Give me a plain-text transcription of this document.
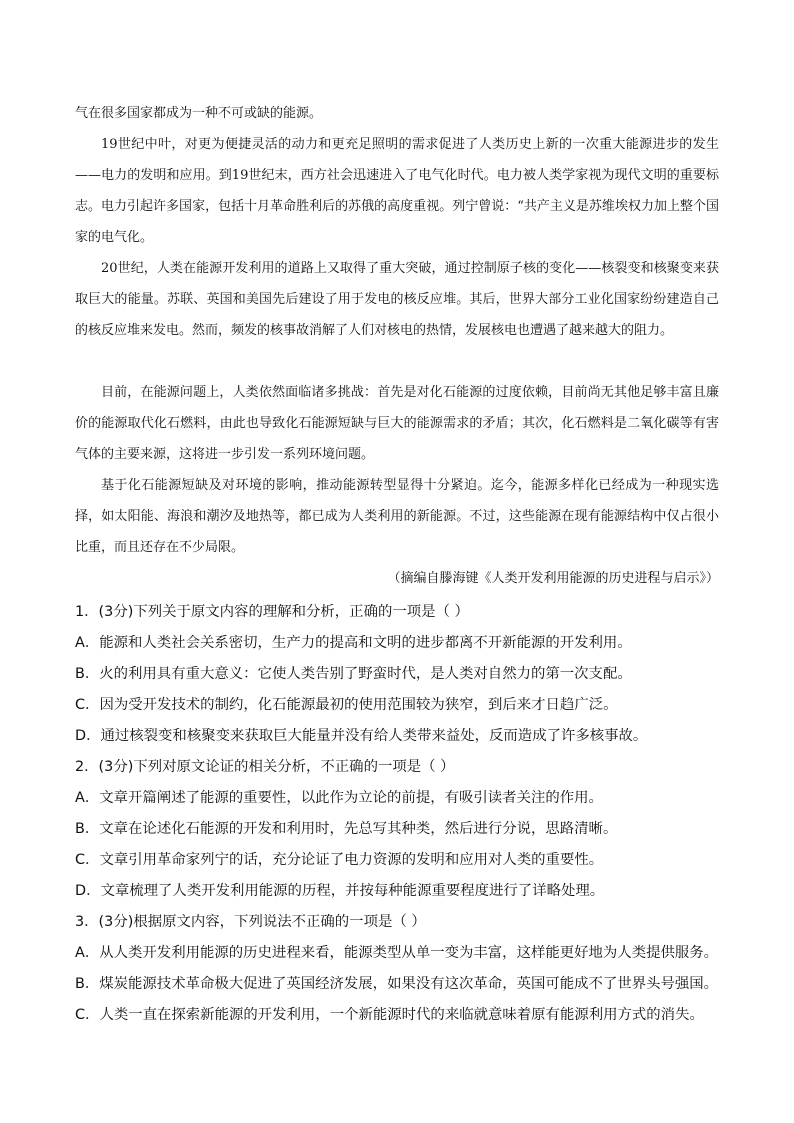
气在很多国家都成为一种不可或缺的能源。
19世纪中叶，对更为便捷灵活的动力和更充足照明的需求促进了人类历史上新的一次重大能源进步的发生——电力的发明和应用。到19世纪末，西方社会迅速进入了电气化时代。电力被人类学家视为现代文明的重要标志。电力引起许多国家，包括十月革命胜利后的苏俄的高度重视。列宁曾说：“共产主义是苏维埃权力加上整个国家的电气化。
20世纪，人类在能源开发利用的道路上又取得了重大突破，通过控制原子核的变化——核裂变和核聚变来获取巨大的能量。苏联、英国和美国先后建设了用于发电的核反应堆。其后，世界大部分工业化国家纷纷建造自己的核反应堆来发电。然而，频发的核事故消解了人们对核电的热情，发展核电也遭遇了越来越大的阻力。
目前，在能源问题上，人类依然面临诸多挑战：首先是对化石能源的过度依赖，目前尚无其他足够丰富且廉价的能源取代化石燃料，由此也导致化石能源短缺与巨大的能源需求的矛盾；其次，化石燃料是二氧化碳等有害气体的主要来源，这将进一步引发一系列环境问题。
基于化石能源短缺及对环境的影响，推动能源转型显得十分紧迫。迄今，能源多样化已经成为一种现实选择，如太阳能、海浪和潮汐及地热等，都已成为人类利用的新能源。不过，这些能源在现有能源结构中仅占很小比重，而且还存在不少局限。
（摘编自滕海键《人类开发利用能源的历史进程与启示》）
1．(3分)下列关于原文内容的理解和分析，正确的一项是（ ）
A．能源和人类社会关系密切，生产力的提高和文明的进步都离不开新能源的开发利用。
B．火的利用具有重大意义：它使人类告别了野蛮时代，是人类对自然力的第一次支配。
C．因为受开发技术的制约，化石能源最初的使用范围较为狭窄，到后来才日趋广泛。
D．通过核裂变和核聚变来获取巨大能量并没有给人类带来益处，反而造成了许多核事故。
2．(3分)下列对原文论证的相关分析，不正确的一项是（ ）
A．文章开篇阐述了能源的重要性，以此作为立论的前提，有吸引读者关注的作用。
B．文章在论述化石能源的开发和利用时，先总写其种类，然后进行分说，思路清晰。
C．文章引用革命家列宁的话，充分论证了电力资源的发明和应用对人类的重要性。
D．文章梳理了人类开发利用能源的历程，并按每种能源重要程度进行了详略处理。
3．(3分)根据原文内容，下列说法不正确的一项是（ ）
A．从人类开发利用能源的历史进程来看，能源类型从单一变为丰富，这样能更好地为人类提供服务。
B．煤炭能源技术革命极大促进了英国经济发展，如果没有这次革命，英国可能成不了世界头号强国。
C．人类一直在探索新能源的开发利用，一个新能源时代的来临就意味着原有能源利用方式的消失。
